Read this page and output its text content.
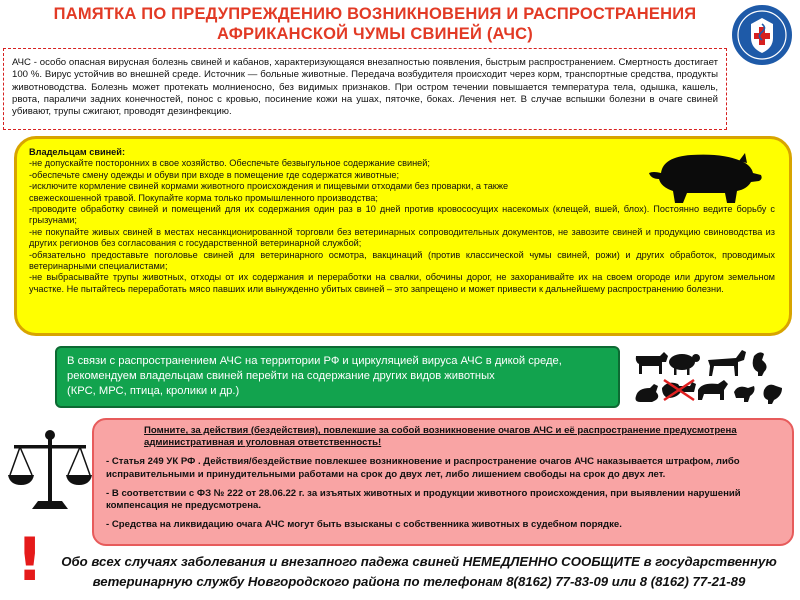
ПАМЯТКА ПО ПРЕДУПРЕЖДЕНИЮ ВОЗНИКНОВЕНИЯ И РАСПРОСТРАНЕНИЯ
АФРИКАНСКОЙ ЧУМЫ СВИНЕЙ (АЧС)
АЧС - особо опасная вирусная болезнь свиней и кабанов, характеризующаяся внезапностью появления, быстрым распространением. Смертность достигает 100 %. Вирус устойчив во внешней среде. Источник — больные животные. Передача возбудителя происходит через корм, транспортные средства, продукты животноводства. Болезнь может протекать молниеносно, без видимых признаков. При остром течении повышается температура тела, одышка, кашель, рвота, параличи задних конечностей, понос с кровью, посинение кожи на ушах, пяточке, боках. Лечения нет. В случае вспышки болезни в очаге свиней убивают, трупы сжигают, проводят дезинфекцию.
Владельцам свиней:
-не допускайте посторонних в свое хозяйство. Обеспечьте безвыгульное содержание свиней;
-обеспечьте смену одежды и обуви при входе в помещение где содержатся животные;
-исключите кормление свиней кормами животного происхождения и пищевыми отходами без проварки, а также
свежескошенной травой. Покупайте корма только промышленного производства;
-проводите обработку свиней и помещений для их содержания один раз в 10 дней против кровососущих насекомых (клещей, вшей, блох). Постоянно ведите борьбу с грызунами;
-не покупайте живых свиней в местах несанкционированной торговли без ветеринарных сопроводительных документов, не завозите свиней и продукцию свиноводства из других регионов без согласования с государственной ветеринарной службой;
-обязательно предоставьте поголовье свиней для ветеринарного осмотра, вакцинаций (против классической чумы свиней, рожи) и других обработок, проводимых ветеринарными специалистами;
-не выбрасывайте трупы животных, отходы от их содержания и переработки на свалки, обочины дорог, не захоранивайте их на своем огороде или другом земельном участке. Не пытайтесь переработать мясо павших или вынужденно убитых свиней – это запрещено и может привести к дальнейшему распространению болезни.
В связи с распространением АЧС на территории РФ и циркуляцией вируса АЧС в дикой среде,
рекомендуем владельцам свиней перейти на содержание других видов животных
(КРС, МРС, птица, кролики и др.)

Помните, за действия (бездействия), повлекшие за собой возникновение очагов АЧС и её распространение предусмотрена административная и уголовная ответственность!

- Статья 249 УК РФ . Действия/бездействие повлекшее возникновение и распространение очагов АЧС наказывается штрафом, либо исправительными и принудительными работами на срок до двух лет, либо лишением свободы на срок до двух лет.

- В соответствии с ФЗ № 222 от 28.06.22 г. за изъятых животных и продукции животного происхождения, при выявлении нарушений компенсация не предусмотрена.

- Средства на ликвидацию очага АЧС могут быть взысканы с собственника животных в судебном порядке.

!	Обо всех случаях заболевания и внезапного падежа свиней НЕМЕДЛЕННО СООБЩИТЕ в государственную
ветеринарную службу Новгородского района по телефонам 8(8162) 77-83-09 или 8 (8162) 77-21-89
